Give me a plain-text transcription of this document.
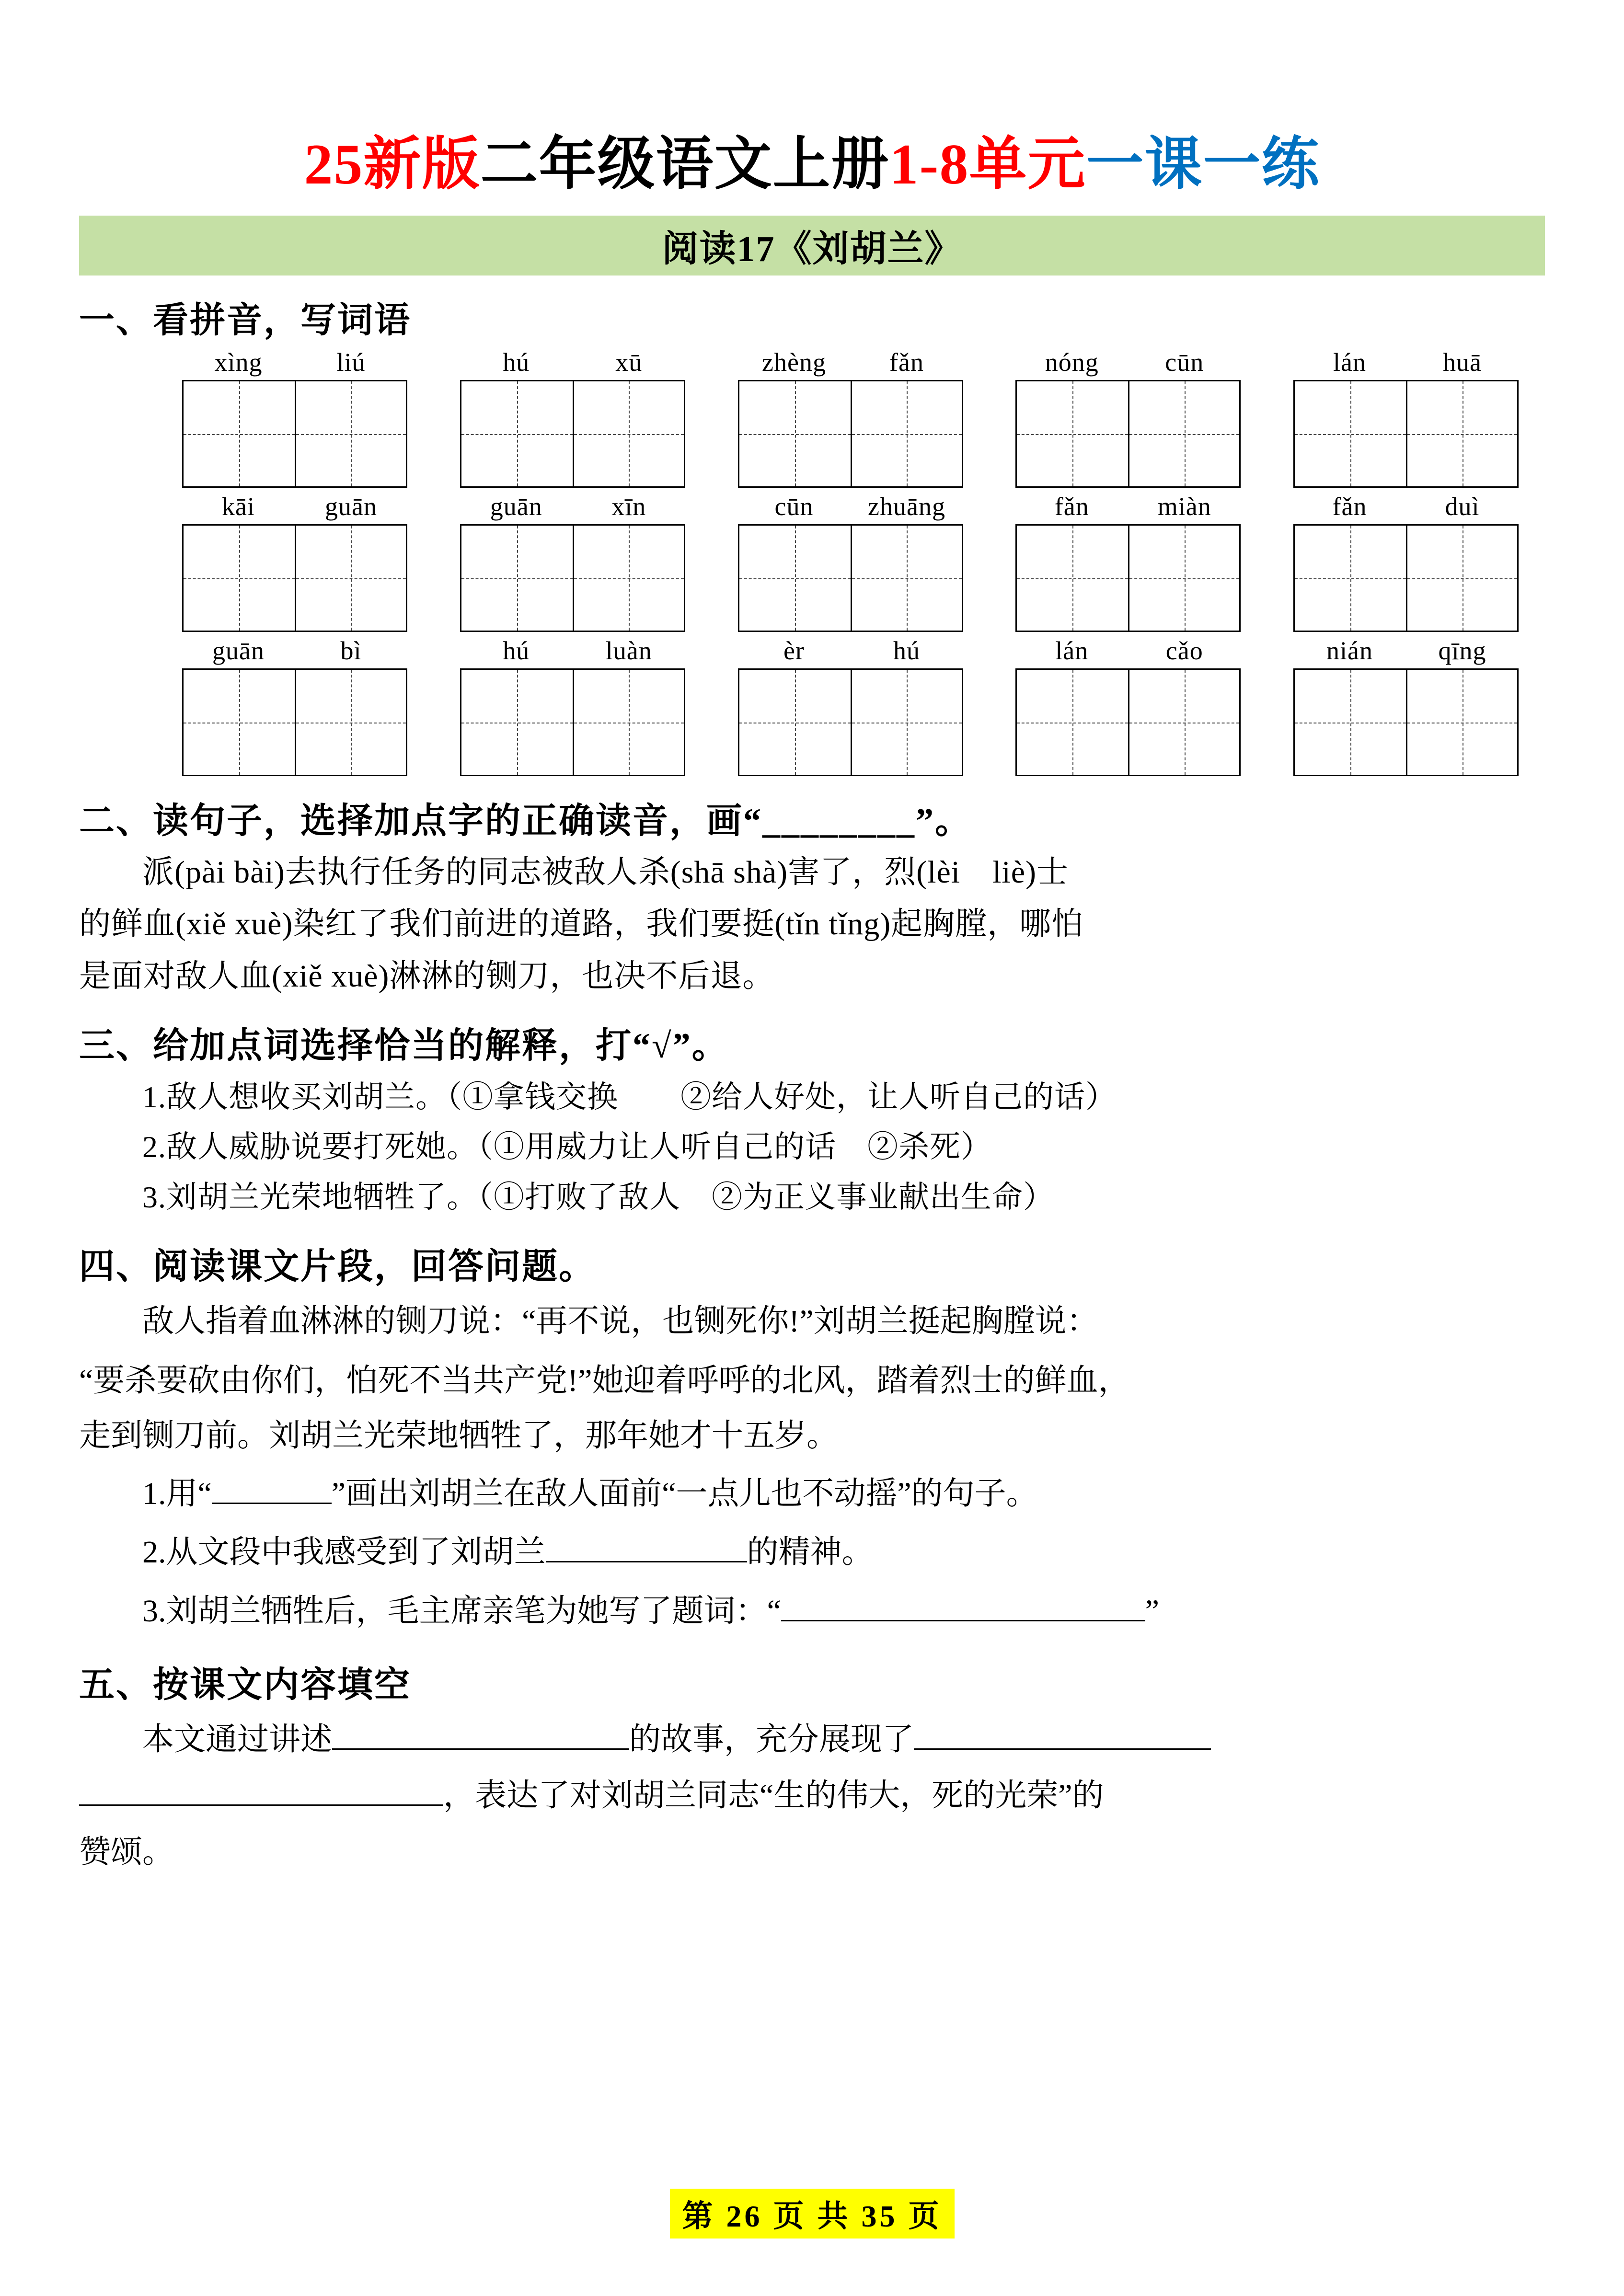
25新版二年级语文上册1-8单元一课一练
阅读17《刘胡兰》
一、看拼音，写词语
xìng	liú	hú	xū	zhèng	fǎn	nóng	cūn	lán	huā
kāi	guān	guān	xīn	cūn	zhuāng	fǎn	miàn	fǎn	duì
guān	bì	hú	luàn	èr	hú	lán	cǎo	nián	qīng
二、读句子，选择加点字的正确读音，画“________”。
派(pài bài)去执行任务的同志被敌人杀(shā shà)害了，烈(lèi　liè)士
的鲜血(xiě xuè)染红了我们前进的道路，我们要挺(tǐn tǐng)起胸膛，哪怕
是面对敌人血(xiě xuè)淋淋的铡刀，也决不后退。
三、给加点词选择恰当的解释，打“√”。
1.敌人想收买刘胡兰。（①拿钱交换　　②给人好处，让人听自己的话）
2.敌人威胁说要打死她。（①用威力让人听自己的话　②杀死）
3.刘胡兰光荣地牺牲了。（①打败了敌人　②为正义事业献出生命）
四、阅读课文片段，回答问题。
敌人指着血淋淋的铡刀说：“再不说，也铡死你!”刘胡兰挺起胸膛说：
“要杀要砍由你们，怕死不当共产党!”她迎着呼呼的北风，踏着烈士的鲜血，
走到铡刀前。刘胡兰光荣地牺牲了，那年她才十五岁。
1.用“	”画出刘胡兰在敌人面前“一点儿也不动摇”的句子。
2.从文段中我感受到了刘胡兰	的精神。
3.刘胡兰牺牲后，毛主席亲笔为她写了题词：“	”
五、按课文内容填空
本文通过讲述	的故事，充分展现了
，表达了对刘胡兰同志“生的伟大，死的光荣”的
赞颂。
第 26 页 共 35 页
